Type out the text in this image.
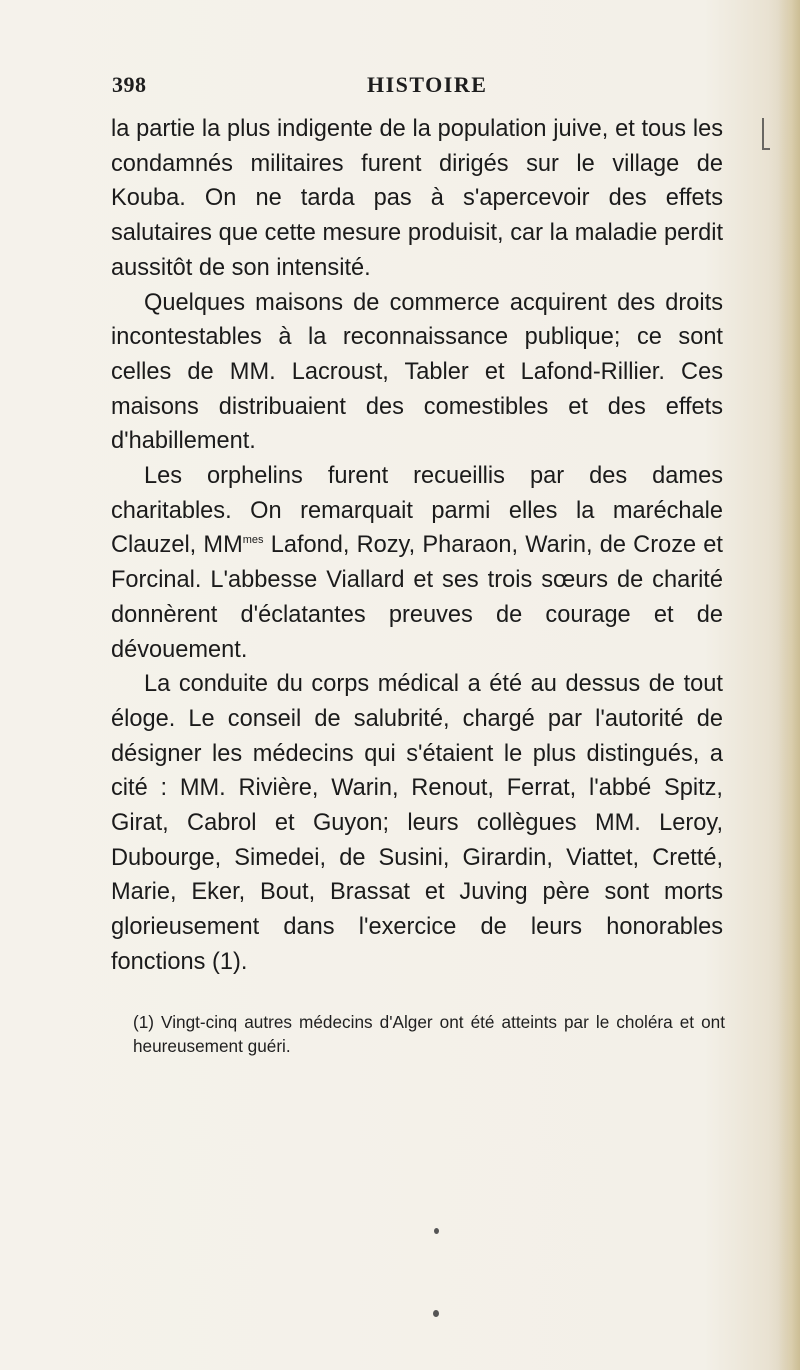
398	HISTOIRE

la partie la plus indigente de la population juive, et tous les condamnés militaires furent dirigés sur le village de Kouba. On ne tarda pas à s'apercevoir des effets salutaires que cette mesure produisit, car la maladie perdit aussitôt de son intensité.

Quelques maisons de commerce acquirent des droits incontestables à la reconnaissance publique; ce sont celles de MM. Lacroust, Tabler et Lafond-Rillier. Ces maisons distribuaient des comestibles et des effets d'habillement.

Les orphelins furent recueillis par des dames charitables. On remarquait parmi elles la maréchale Clauzel, $MM^{mes}$ Lafond, Rozy, Pharaon, Warin, de Croze et Forcinal. L'abbesse Viallard et ses trois sœurs de charité donnèrent d'éclatantes preuves de courage et de dévouement.

La conduite du corps médical a été au dessus de tout éloge. Le conseil de salubrité, chargé par l'autorité de désigner les médecins qui s'étaient le plus distingués, a cité : MM. Rivière, Warin, Renout, Ferrat, l'abbé Spitz, Girat, Cabrol et Guyon; leurs collègues MM. Leroy, Dubourge, Simedei, de Susini, Girardin, Viattet, Cretté, Marie, Eker, Bout, Brassat et Juving père sont morts glorieusement dans l'exercice de leurs honorables fonctions (1).

(1) Vingt-cinq autres médecins d'Alger ont été atteints par le choléra et ont heureusement guéri.
